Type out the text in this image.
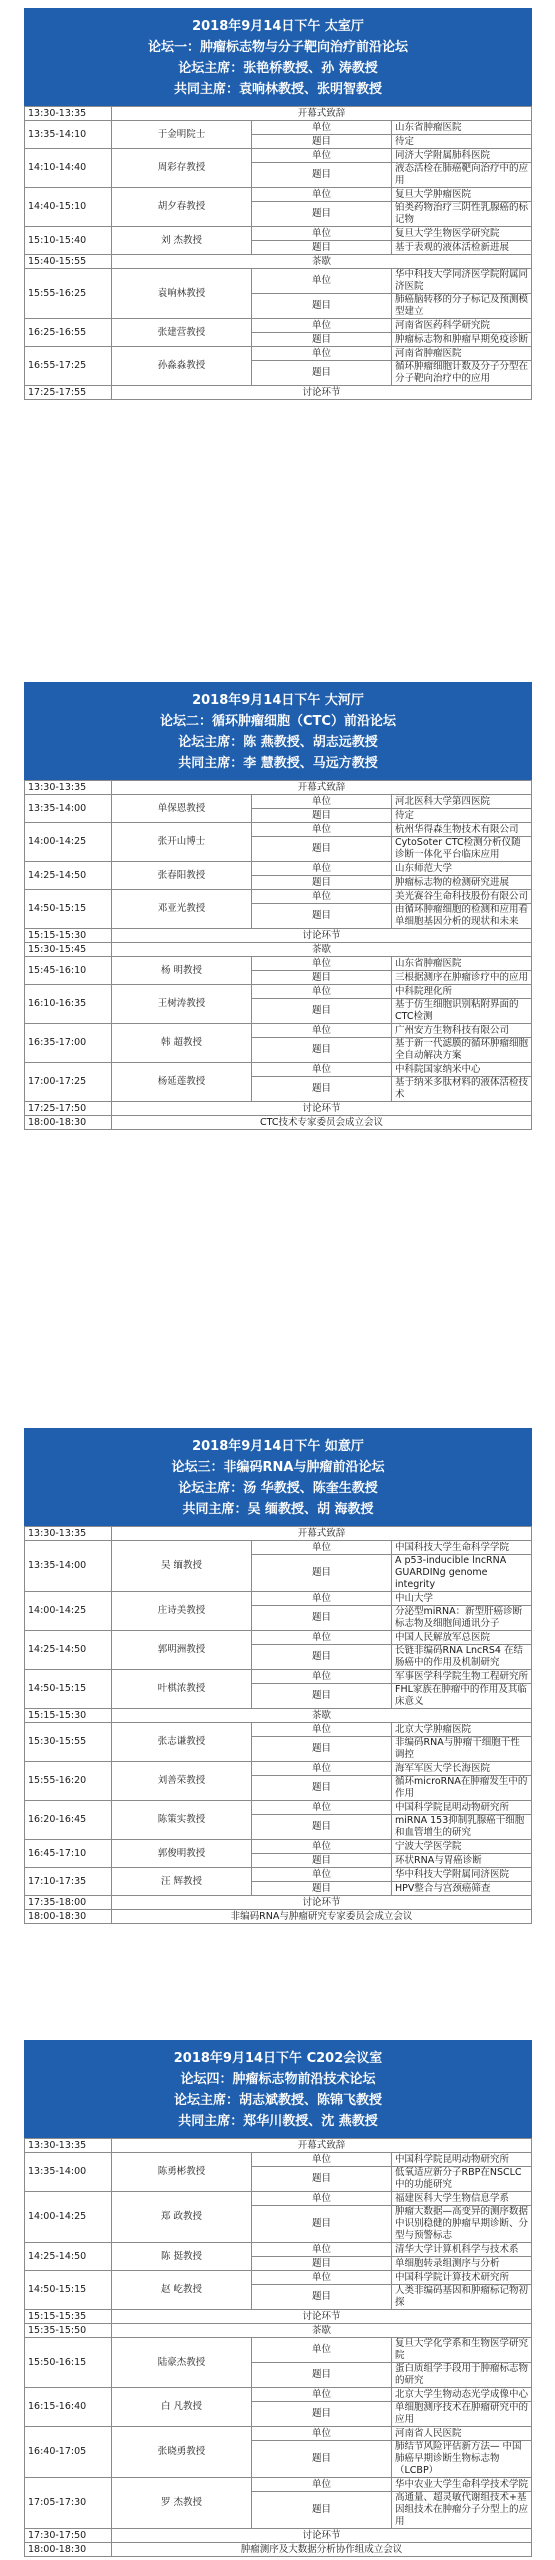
2018年9月14日下午 太室厅
论坛一：肿瘤标志物与分子靶向治疗前沿论坛
论坛主席：张艳桥教授、孙 涛教授
共同主席：袁响林教授、张明智教授
13:30-13:35	开幕式致辞		
13:35-14:10	于金明院士	单位	山东省肿瘤医院
		题目	待定
14:10-14:40	周彩存教授	单位	同济大学附属肺科医院
		题目	液态活检在肺癌靶向治疗中的应用
14:40-15:10	胡夕春教授	单位	复旦大学肿瘤医院
		题目	铂类药物治疗三阴性乳腺癌的标记物
15:10-15:40	刘 杰教授	单位	复旦大学生物医学研究院
		题目	基于表观的液体活检新进展
15:40-15:55	茶歇		
15:55-16:25	袁响林教授	单位	华中科技大学同济医学院附属同济医院
		题目	肺癌脑转移的分子标记及预测模型建立
16:25-16:55	张建营教授	单位	河南省医药科学研究院
		题目	肿瘤标志物和肿瘤早期免疫诊断
16:55-17:25	孙淼淼教授	单位	河南省肿瘤医院
		题目	循环肿瘤细胞计数及分子分型在分子靶向治疗中的应用
17:25-17:55	讨论环节		
2018年9月14日下午 大河厅
论坛二：循环肿瘤细胞（CTC）前沿论坛
论坛主席：陈 燕教授、胡志远教授
共同主席：李 慧教授、马远方教授
13:30-13:35	开幕式致辞		
13:35-14:00	单保恩教授	单位	河北医科大学第四医院
		题目	待定
14:00-14:25	张开山博士	单位	杭州华得森生物技术有限公司
		题目	CytoSoter CTC检测分析仪随诊断一体化平台临床应用
14:25-14:50	张春阳教授	单位	山东师范大学
		题目	肿瘤标志物的检测研究进展
14:50-15:15	邓亚光教授	单位	美光赛谷生命科技股份有限公司
		题目	由循环肿瘤细胞的检测和应用看单细胞基因分析的现状和未来
15:15-15:30	讨论环节		
15:30-15:45	茶歇		
15:45-16:10	杨 明教授	单位	山东省肿瘤医院
		题目	三根据测序在肿瘤诊疗中的应用
16:10-16:35	王树涛教授	单位	中科院理化所
		题目	基于仿生细胞识别粘附界面的CTC检测
16:35-17:00	韩 超教授	单位	广州安方生物科技有限公司
		题目	基于新一代滤膜的循环肿瘤细胞全自动解决方案
17:00-17:25	杨延莲教授	单位	中科院国家纳米中心
		题目	基于纳米多肽材料的液体活检技术
17:25-17:50	讨论环节		
18:00-18:30	CTC技术专家委员会成立会议		
2018年9月14日下午 如意厅
论坛三：非编码RNA与肿瘤前沿论坛
论坛主席：汤 华教授、陈奎生教授
共同主席：吴 缅教授、胡 海教授
13:30-13:35	开幕式致辞		
13:35-14:00	吴 缅教授	单位	中国科技大学生命科学学院
		题目	A p53-inducible lncRNA GUARDINg genome integrity
14:00-14:25	庄诗美教授	单位	中山大学
		题目	分泌型miRNA：新型肝癌诊断标志物及细胞间通讯分子
14:25-14:50	郭明洲教授	单位	中国人民解放军总医院
		题目	长链非编码RNA LncRS4 在结肠癌中的作用及机制研究
14:50-15:15	叶棋浓教授	单位	军事医学科学院生物工程研究所
		题目	FHL家族在肿瘤中的作用及其临床意义
15:15-15:30	茶歇		
15:30-15:55	张志谦教授	单位	北京大学肿瘤医院
		题目	非编码RNA与肿瘤干细胞干性调控
15:55-16:20	刘善荣教授	单位	海军军医大学长海医院
		题目	循环microRNA在肿瘤发生中的作用
16:20-16:45	陈策实教授	单位	中国科学院昆明动物研究所
		题目	miRNA 153抑制乳腺癌干细胞和血管增生的研究
16:45-17:10	郭俊明教授	单位	宁波大学医学院
		题目	环状RNA与胃癌诊断
17:10-17:35	汪 辉教授	单位	华中科技大学附属同济医院
		题目	HPV整合与宫颈癌筛查
17:35-18:00	讨论环节		
18:00-18:30	非编码RNA与肿瘤研究专家委员会成立会议		
2018年9月14日下午 C202会议室
论坛四：肿瘤标志物前沿技术论坛
论坛主席：胡志斌教授、陈锦飞教授
共同主席：郑华川教授、沈 燕教授
13:30-13:35	开幕式致辞		
13:35-14:00	陈勇彬教授	单位	中国科学院昆明动物研究所
		题目	低氧适应新分子RBP在NSCLC中的功能研究
14:00-14:25	郑 政教授	单位	福建医科大学生物信息学系
		题目	肿瘤大数据—高变异的测序数据中识别稳健的肿瘤早期诊断、分型与预警标志
14:25-14:50	陈 挺教授	单位	清华大学计算机科学与技术系
		题目	单细胞转录组测序与分析
14:50-15:15	赵 屹教授	单位	中国科学院计算技术研究所
		题目	人类非编码基因和肿瘤标记物初探
15:15-15:35	讨论环节		
15:35-15:50	茶歇		
15:50-16:15	陆豪杰教授	单位	复旦大学化学系和生物医学研究院
		题目	蛋白质组学手段用于肿瘤标志物的研究
16:15-16:40	白 凡教授	单位	北京大学生物动态光学成像中心
		题目	单细胞测序技术在肿瘤研究中的应用
16:40-17:05	张晓勇教授	单位	河南省人民医院
		题目	肺结节风险评估新方法— 中国肺癌早期诊断生物标志物（LCBP）
17:05-17:30	罗 杰教授	单位	华中农业大学生命科学技术学院
		题目	高通量、超灵敏代谢组技术+基因组技术在肿瘤分子分型上的应用
17:30-17:50	讨论环节		
18:00-18:30	肿瘤测序及大数据分析协作组成立会议		
